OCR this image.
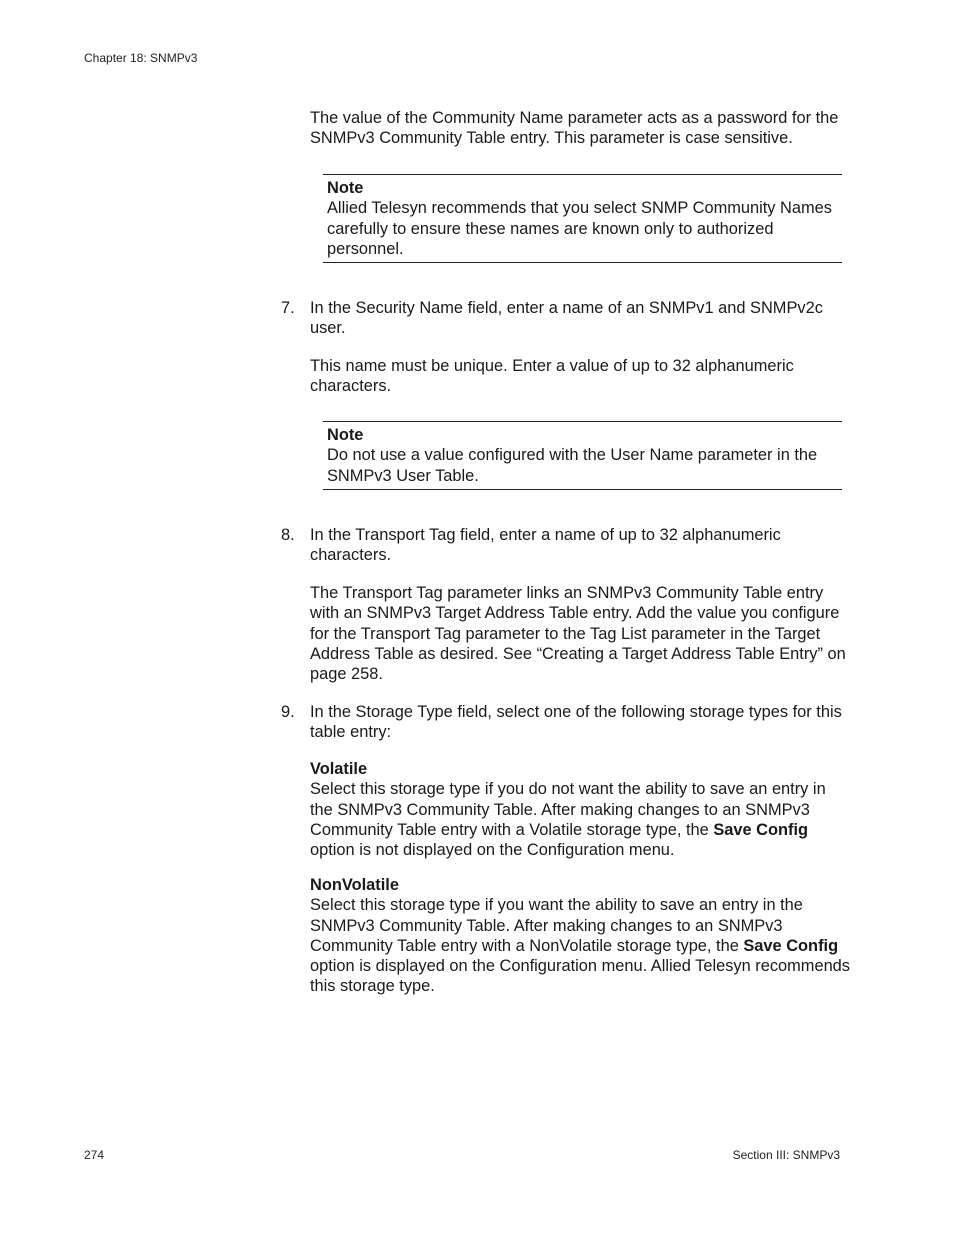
Chapter 18: SNMPv3

The value of the Community Name parameter acts as a password for the SNMPv3 Community Table entry. This parameter is case sensitive.

Note
Allied Telesyn recommends that you select SNMP Community Names carefully to ensure these names are known only to authorized personnel.
7. In the Security Name field, enter a name of an SNMPv1 and SNMPv2c user.

This name must be unique. Enter a value of up to 32 alphanumeric characters.

Note
Do not use a value configured with the User Name parameter in the SNMPv3 User Table.
8. In the Transport Tag field, enter a name of up to 32 alphanumeric characters.

The Transport Tag parameter links an SNMPv3 Community Table entry with an SNMPv3 Target Address Table entry. Add the value you configure for the Transport Tag parameter to the Tag List parameter in the Target Address Table as desired. See “Creating a Target Address Table Entry” on page 258.

9. In the Storage Type field, select one of the following storage types for this table entry:
Volatile
Select this storage type if you do not want the ability to save an entry in the SNMPv3 Community Table. After making changes to an SNMPv3 Community Table entry with a Volatile storage type, the Save Config option is not displayed on the Configuration menu.
NonVolatile
Select this storage type if you want the ability to save an entry in the SNMPv3 Community Table. After making changes to an SNMPv3 Community Table entry with a NonVolatile storage type, the Save Config option is displayed on the Configuration menu. Allied Telesyn recommends this storage type.
274	Section III: SNMPv3
